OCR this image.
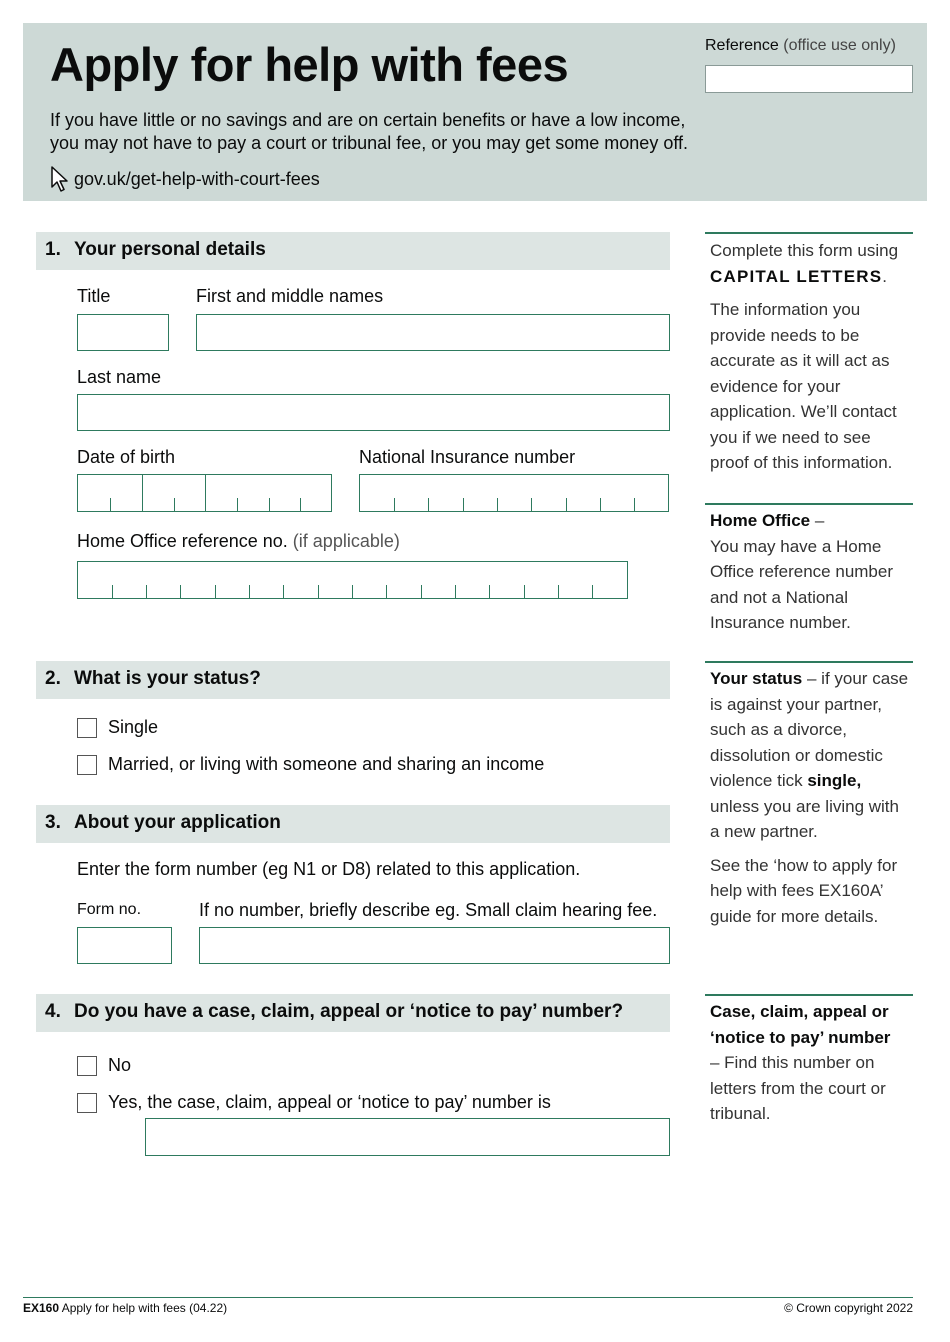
Apply for help with fees
If you have little or no savings and are on certain benefits or have a low income, you may not have to pay a court or tribunal fee, or you may get some money off.
gov.uk/get-help-with-court-fees
Reference (office use only)
1. Your personal details
Title	First and middle names
Last name
Date of birth	National Insurance number
Home Office reference no. (if applicable)
2. What is your status?
Single
Married, or living with someone and sharing an income
3. About your application
Enter the form number (eg N1 or D8) related to this application.
Form no.	If no number, briefly describe eg. Small claim hearing fee.
4. Do you have a case, claim, appeal or ‘notice to pay’ number?
No
Yes, the case, claim, appeal or ‘notice to pay’ number is

Complete this form using
CAPITAL LETTERS.

The information you provide needs to be accurate as it will act as evidence for your application. We’ll contact you if we need to see proof of this information.

Home Office –
You may have a Home Office reference number and not a National Insurance number.

Your status – if your case is against your partner, such as a divorce, dissolution or domestic violence tick single, unless you are living with a new partner.

See the ‘how to apply for help with fees EX160A’ guide for more details.

Case, claim, appeal or ‘notice to pay’ number
– Find this number on letters from the court or tribunal.

EX160 Apply for help with fees (04.22)	© Crown copyright 2022
